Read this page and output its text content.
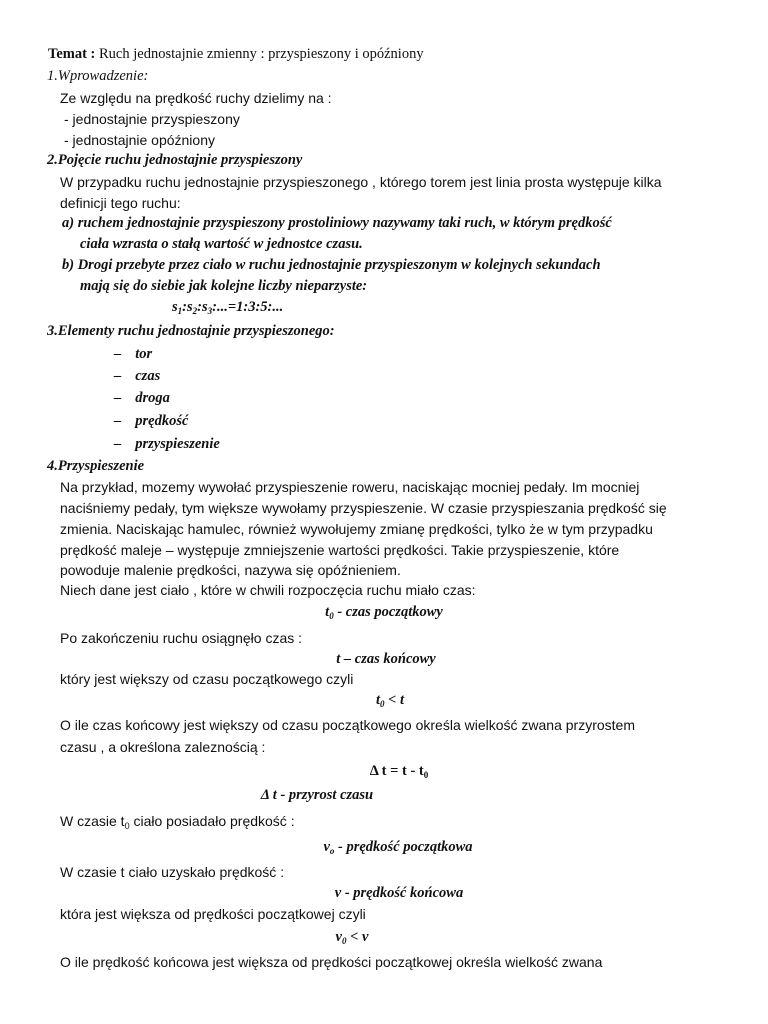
Temat : Ruch jednostajnie zmienny : przyspieszony i opóźniony
1.Wprowadzenie:
Ze względu na prędkość ruchy dzielimy na :
- jednostajnie przyspieszony
- jednostajnie opóźniony
2.Pojęcie ruchu jednostajnie przyspieszony
W przypadku ruchu jednostajnie przyspieszonego , którego torem jest linia prosta występuje kilka
definicji tego ruchu:
a) ruchem jednostajnie przyspieszony prostoliniowy nazywamy taki ruch, w którym prędkość
ciała wzrasta o stałą wartość w jednostce czasu.
b) Drogi przebyte przez ciało w ruchu jednostajnie przyspieszonym w kolejnych sekundach
mają się do siebie jak kolejne liczby nieparzyste:
$s_1:s_2:s_3:...=1:3:5$:...
3.Elementy ruchu jednostajnie przyspieszonego:
– tor
– czas
– droga
– prędkość
– przyspieszenie
4.Przyspieszenie
Na przykład, mozemy wywołać przyspieszenie roweru, naciskając mocniej pedały. Im mocniej
naciśniemy pedały, tym większe wywołamy przyspieszenie. W czasie przyspieszania prędkość się
zmienia. Naciskając hamulec, również wywołujemy zmianę prędkości, tylko że w tym przypadku
prędkość maleje – występuje zmniejszenie wartości prędkości. Takie przyspieszenie, które
powoduje malenie prędkości, nazywa się opóźnieniem.
Niech dane jest ciało , które w chwili rozpoczęcia ruchu miało czas:
$t_0$ - czas początkowy
Po zakończeniu ruchu osiągnęło czas :
t – czas końcowy
który jest większy od czasu początkowego czyli
$t_0 < t$
O ile czas końcowy jest większy od czasu początkowego określa wielkość zwana przyrostem
czasu , a określona zaleznością :
Δ $t = t - t_0$
Δ t - przyrost czasu
W czasie $t_0$ ciało posiadało prędkość :
$v_o$ - prędkość początkowa
W czasie t ciało uzyskało prędkość :
v - prędkość końcowa
która jest większa od prędkości początkowej czyli
$v_0 < v$
O ile prędkość końcowa jest większa od prędkości początkowej określa wielkość zwana
